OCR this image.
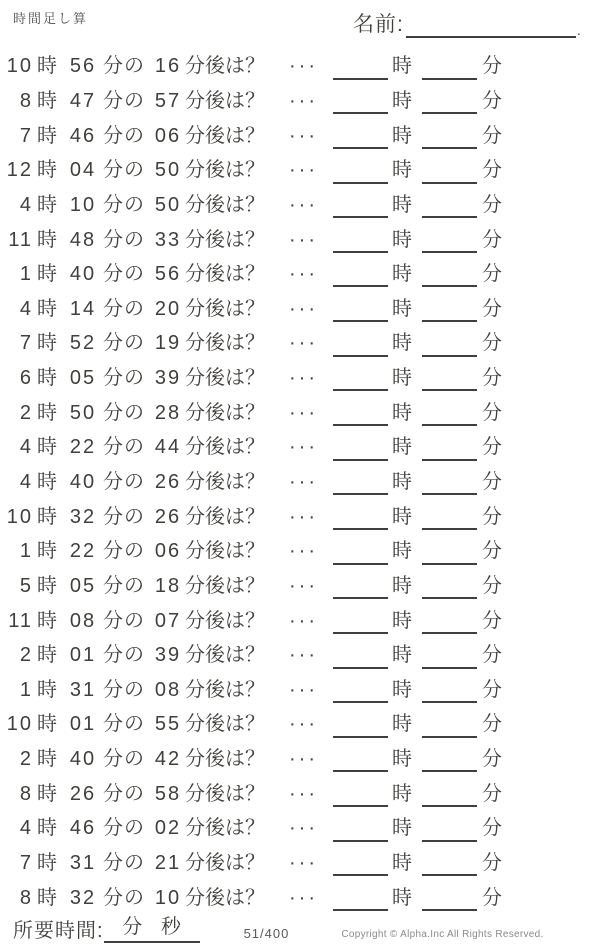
時間足し算	名前:	.
10 時 56 分の 16 分後は？ ···	時	分
8 時 47 分の 57 分後は？ ···	時	分
7 時 46 分の 06 分後は？ ···	時	分
12 時 04 分の 50 分後は？ ···	時	分
4 時 10 分の 50 分後は？ ···	時	分
11 時 48 分の 33 分後は？ ···	時	分
1 時 40 分の 56 分後は？ ···	時	分
4 時 14 分の 20 分後は？ ···	時	分
7 時 52 分の 19 分後は？ ···	時	分
6 時 05 分の 39 分後は？ ···	時	分
2 時 50 分の 28 分後は？ ···	時	分
4 時 22 分の 44 分後は？ ···	時	分
4 時 40 分の 26 分後は？ ···	時	分
10 時 32 分の 26 分後は？ ···	時	分
1 時 22 分の 06 分後は？ ···	時	分
5 時 05 分の 18 分後は？ ···	時	分
11 時 08 分の 07 分後は？ ···	時	分
2 時 01 分の 39 分後は？ ···	時	分
1 時 31 分の 08 分後は？ ···	時	分
10 時 01 分の 55 分後は？ ···	時	分
2 時 40 分の 42 分後は？ ···	時	分
8 時 26 分の 58 分後は？ ···	時	分
4 時 46 分の 02 分後は？ ···	時	分
7 時 31 分の 21 分後は？ ···	時	分
8 時 32 分の 10 分後は？ ···	時	分
所要時間: 分 秒	51/400	Copyright © Alpha.Inc All Rights Reserved.
